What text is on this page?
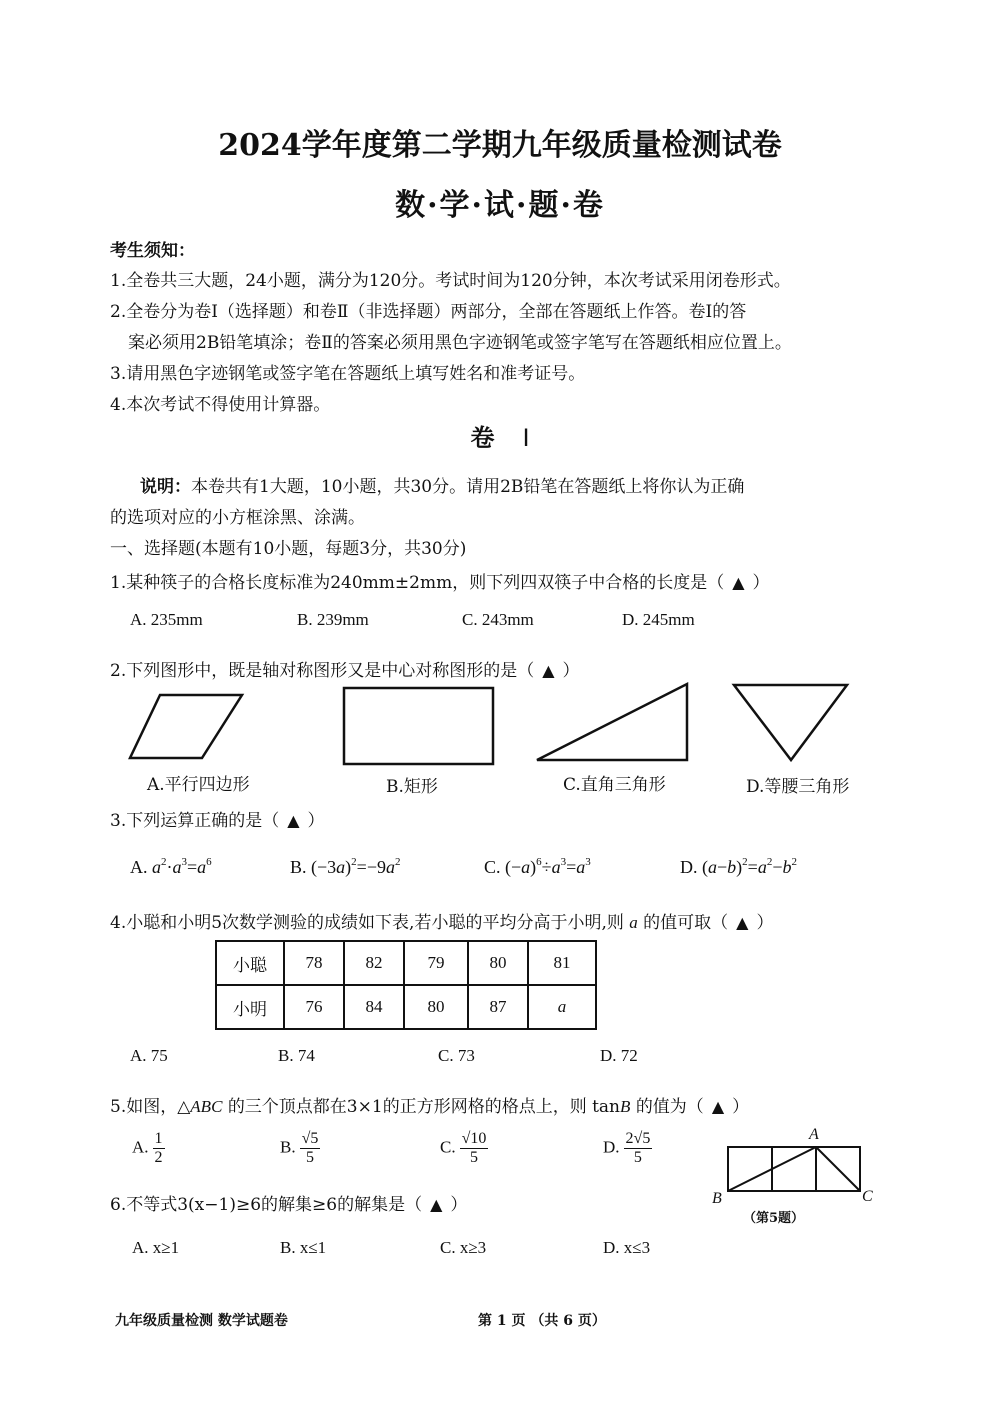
2024学年度第二学期九年级质量检测试卷
数·学·试·题·卷
考生须知：
1.全卷共三大题，24小题，满分为120分。考试时间为120分钟，本次考试采用闭卷形式。
2.全卷分为卷Ⅰ（选择题）和卷Ⅱ（非选择题）两部分，全部在答题纸上作答。卷Ⅰ的答
案必须用2B铅笔填涂；卷Ⅱ的答案必须用黑色字迹钢笔或签字笔写在答题纸相应位置上。
3.请用黑色字迹钢笔或签字笔在答题纸上填写姓名和准考证号。
4.本次考试不得使用计算器。
卷 Ⅰ
说明：本卷共有1大题，10小题，共30分。请用2B铅笔在答题纸上将你认为正确
的选项对应的小方框涂黑、涂满。
一、选择题(本题有10小题，每题3分，共30分)
1.某种筷子的合格长度标准为240mm±2mm，则下列四双筷子中合格的长度是（ ▲ ）
A. 235mm	B. 239mm	C. 243mm	D. 245mm
2.下列图形中，既是轴对称图形又是中心对称图形的是（ ▲ ）
A.平行四边形	B.矩形	C.直角三角形	D.等腰三角形
3.下列运算正确的是（ ▲ ）
A. $a^2\cdot a^3=a^6$	B. $(-3a)^2=-9a^2$	C. $(-a)^6\div a^3=a^3$	D. $(a-b)^2=a^2-b^2$
4.小聪和小明5次数学测验的成绩如下表,若小聪的平均分高于小明,则 a 的值可取（ ▲ ）
小聪	78	82	79	80	81
小明	76	84	80	87	a
A. 75	B. 74	C. 73	D. 72
5.如图，△ABC 的三个顶点都在3×1的正方形网格的格点上，则 tanB 的值为（ ▲ ）
A. $\frac{1}{2}$	B. $\frac{√5}{5}$	C. $\frac{√10}{5}$	D. $\frac{2√5}{5}$	A
B	C
（第5题）
6.不等式3(x−1)≥6的解集≥6的解集是（ ▲ ）
A. x≥1	B. x≤1	C. x≥3	D. x≤3
九年级质量检测 数学试题卷	第 1 页 （共 6 页）
